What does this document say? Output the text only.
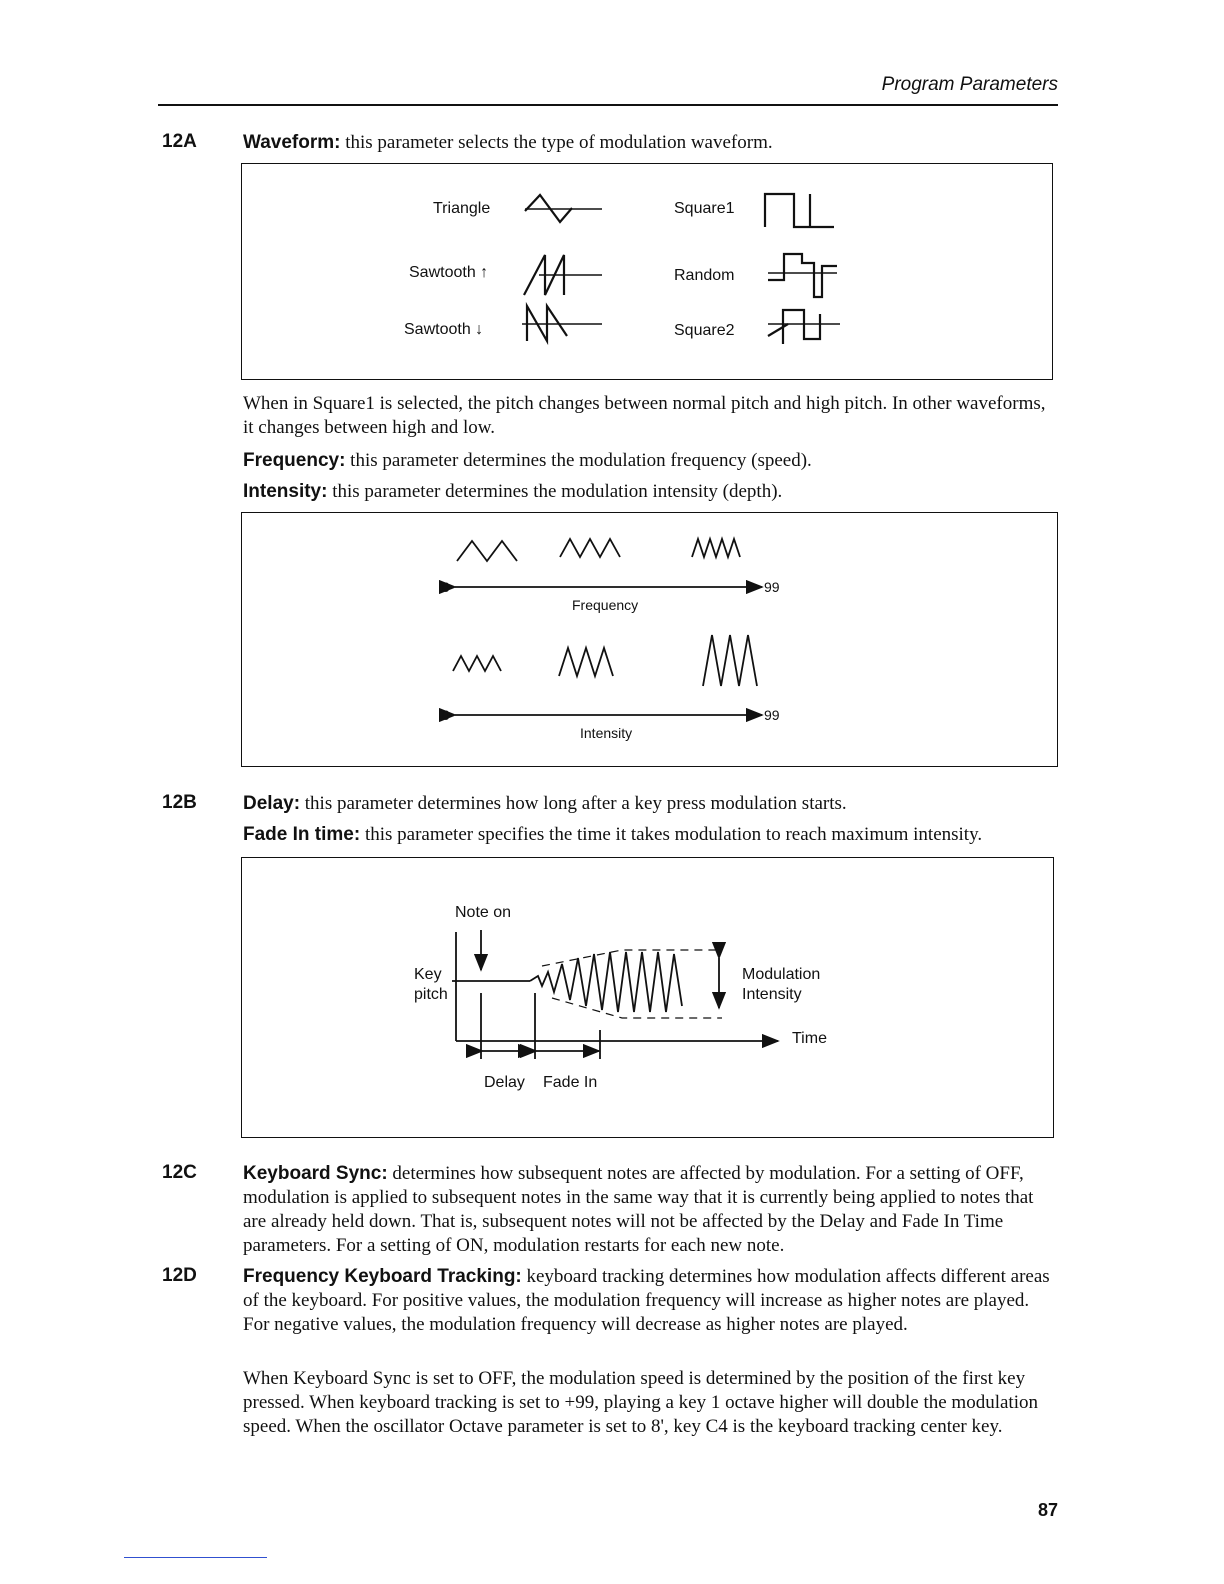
Program Parameters
12A Waveform: this parameter selects the type of modulation waveform.
Triangle
Sawtooth ↑
Sawtooth ↓
Square1
Random
Square2
When in Square1 is selected, the pitch changes between normal pitch and high pitch. In other waveforms, it changes between high and low.
Frequency: this parameter determines the modulation frequency (speed).
Intensity: this parameter determines the modulation intensity (depth).
0	99
Frequency
0	99
Intensity
12B Delay: this parameter determines how long after a key press modulation starts.
Fade In time: this parameter specifies the time it takes modulation to reach maximum intensity.
Note on
Key
pitch
Modulation
Intensity
Time
Delay Fade In
12C Keyboard Sync: determines how subsequent notes are affected by modulation. For a setting of OFF, modulation is applied to subsequent notes in the same way that it is currently being applied to notes that are already held down. That is, subsequent notes will not be affected by the Delay and Fade In Time parameters. For a setting of ON, modulation restarts for each new note.
12D Frequency Keyboard Tracking: keyboard tracking determines how modulation affects different areas of the keyboard. For positive values, the modulation frequency will increase as higher notes are played. For negative values, the modulation frequency will decrease as higher notes are played.
When Keyboard Sync is set to OFF, the modulation speed is determined by the position of the first key pressed. When keyboard tracking is set to +99, playing a key 1 octave higher will double the modulation speed. When the oscillator Octave parameter is set to 8', key C4 is the keyboard tracking center key.
87
